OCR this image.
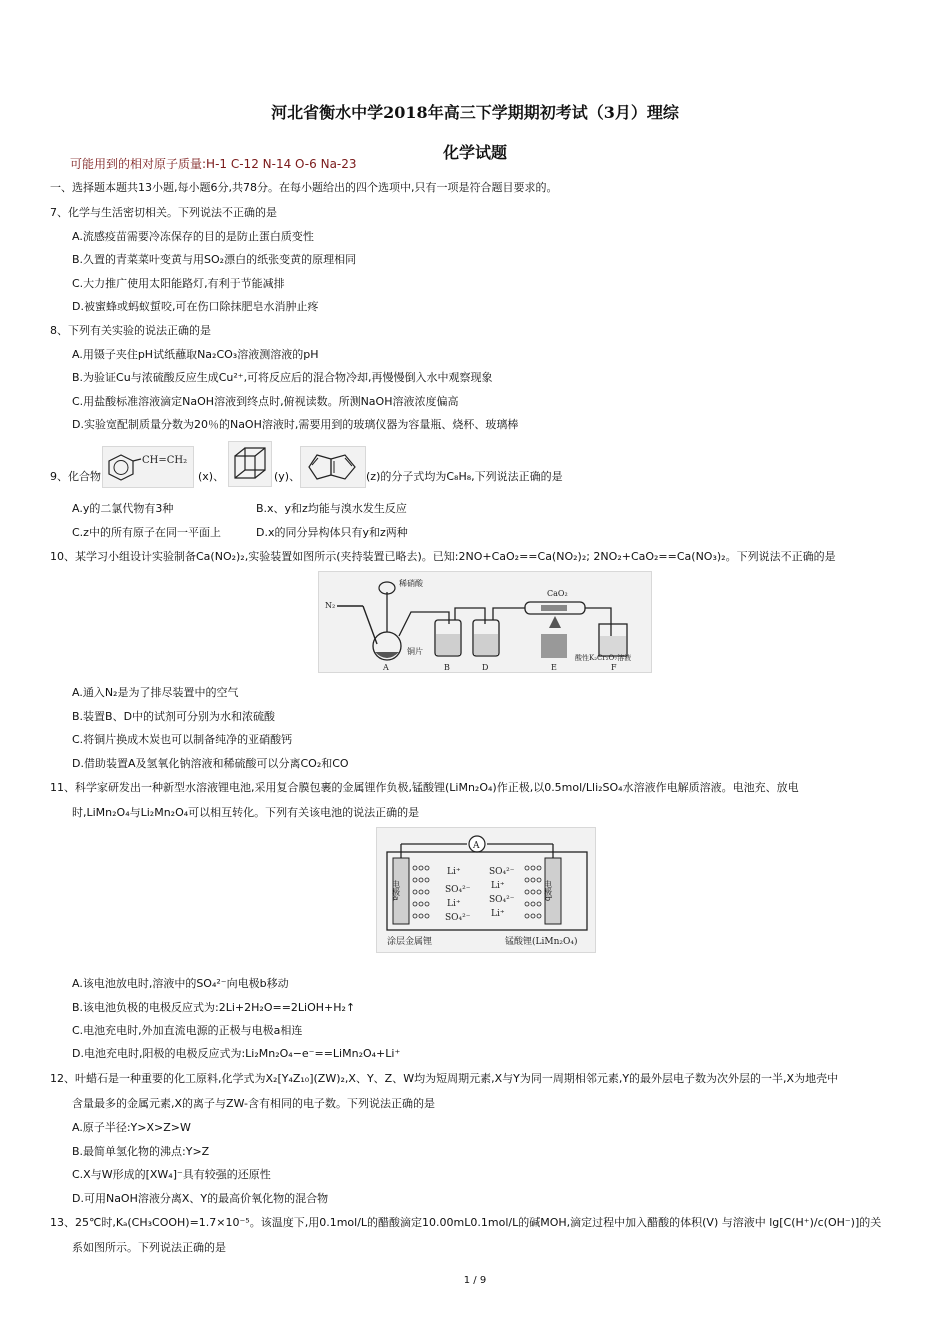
河北省衡水中学2018年高三下学期期初考试（3月）理综
化学试题
可能用到的相对原子质量:H-1 C-12 N-14 O-6 Na-23
一、选择题本题共13小题,每小题6分,共78分。在每小题给出的四个选项中,只有一项是符合题目要求的。
7、化学与生活密切相关。下列说法不正确的是
A.流感疫苗需要冷冻保存的目的是防止蛋白质变性
B.久置的青菜菜叶变黄与用SO₂漂白的纸张变黄的原理相同
C.大力推广使用太阳能路灯,有利于节能减排
D.被蜜蜂或蚂蚁蜇咬,可在伤口除抹肥皂水消肿止疼
8、下列有关实验的说法正确的是
A.用镊子夹住pH试纸蘸取Na₂CO₃溶液测溶液的pH
B.为验证Cu与浓硫酸反应生成Cu²⁺,可将反应后的混合物冷却,再慢慢倒入水中观察现象
C.用盐酸标准溶液滴定NaOH溶液到终点时,俯视读数。所测NaOH溶液浓度偏高
D.实验宽配制质量分数为20％的NaOH溶液时,需要用到的玻璃仪器为容量瓶、烧杯、玻璃棒
9、化合物
CH=CH₂
(x)、	(y)、	(z)的分子式均为C₈H₈,下列说法正确的是
A.y的二氯代物有3种	B.x、y和z均能与溴水发生反应
C.z中的所有原子在同一平面上	D.x的同分异构体只有y和z两种
10、某学习小组设计实验制备Ca(NO₂)₂,实验装置如图所示(夹持装置已略去)。已知:2NO+CaO₂==Ca(NO₂)₂; 2NO₂+CaO₂==Ca(NO₃)₂。下列说法不正确的是
N₂
稀硝酸
铜片
CaO₂
A	B	D	E	F
酸性K₂Cr₂O₇溶液
A.通入N₂是为了排尽装置中的空气
B.装置B、D中的试剂可分别为水和浓硫酸
C.将铜片换成木炭也可以制备纯净的亚硝酸钙
D.借助装置A及氢氧化钠溶液和稀硫酸可以分离CO₂和CO
11、科学家研发出一种新型水溶液锂电池,采用复合膜包裹的金属锂作负极,锰酸锂(LiMn₂O₄)作正极,以0.5mol/Lli₂SO₄水溶液作电解质溶液。电池充、放电
时,LiMn₂O₄与Li₂Mn₂O₄可以相互转化。下列有关该电池的说法正确的是
A
电极a	电极b
Li⁺
SO₄²⁻
Li⁺
SO₄²⁻
SO₄²⁻
Li⁺
SO₄²⁻
Li⁺
涂层金属锂	锰酸锂(LiMn₂O₄)
A.该电池放电时,溶液中的SO₄²⁻向电极b移动
B.该电池负极的电极反应式为:2Li+2H₂O==2LiOH+H₂↑
C.电池充电时,外加直流电源的正极与电极a相连
D.电池充电时,阳极的电极反应式为:Li₂Mn₂O₄−e⁻==LiMn₂O₄+Li⁺
12、叶蜡石是一种重要的化工原料,化学式为X₂[Y₄Z₁₀](ZW)₂,X、Y、Z、W均为短周期元素,X与Y为同一周期相邻元素,Y的最外层电子数为次外层的一半,X为地壳中
含量最多的金属元素,X的离子与ZW-含有相同的电子数。下列说法正确的是
A.原子半径:Y>X>Z>W
B.最简单氢化物的沸点:Y>Z
C.X与W形成的[XW₄]⁻具有较强的还原性
D.可用NaOH溶液分离X、Y的最高价氧化物的混合物
13、25℃时,Kₐ(CH₃COOH)=1.7×10⁻⁵。该温度下,用0.1mol/L的醋酸滴定10.00mL0.1mol/L的碱MOH,滴定过程中加入醋酸的体积(V) 与溶液中 lg[C(H⁺)/c(OH⁻)]的关
系如图所示。下列说法正确的是
1 / 9
